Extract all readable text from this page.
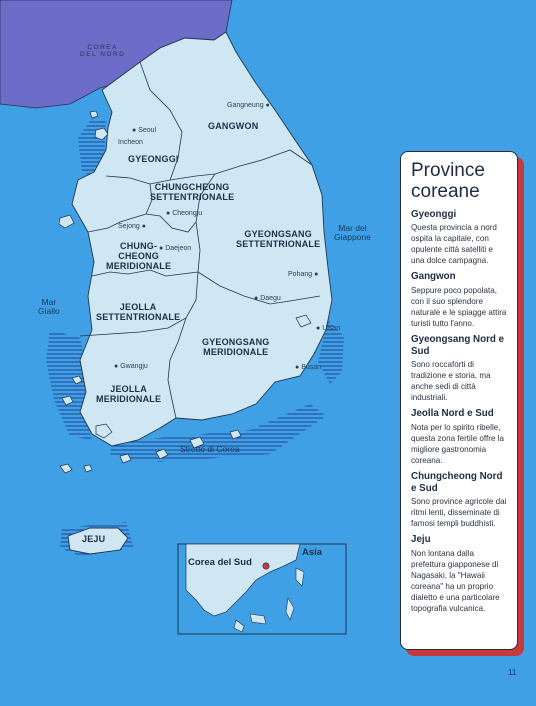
COREA
DEL NORD
GYEONGGI
GANGWON
CHUNGCHEONG
SETTENTRIONALE
CHUNG-
CHEONG
MERIDIONALE
GYEONGSANG
SETTENTRIONALE
JEOLLA
SETTENTRIONALE
GYEONGSANG
MERIDIONALE
JEOLLA
MERIDIONALE
JEJU
● Seoul
Incheon
Gangneung ●
● Cheongju
Sejong ●
● Daejeon
Pohang ●
● Daegu
● Ulsan
● Busan
● Gwangju
Mar del
Giappone
Mar
Giallo
Stretto di Corea
Corea del Sud
Asia
Province coreane
Gyeonggi
Questa provincia a nord ospita la capitale, con opulente città satelliti e una dolce campagna.
Gangwon
Seppure poco popolata, con il suo splendore naturale e le spiagge attira turisti tutto l'anno.
Gyeongsang Nord e Sud
Sono roccaforti di tradizione e storia, ma anche sedi di città industriali.
Jeolla Nord e Sud
Nota per lo spirito ribelle, questa zona fertile offre la migliore gastronomia coreana.
Chungcheong Nord e Sud
Sono province agricole dai ritmi lenti, disseminate di famosi templi buddhisti.
Jeju
Non lontana dalla prefettura giapponese di Nagasaki, la "Hawaii coreana" ha un proprio dialetto e una particolare topografia vulcanica.
11
